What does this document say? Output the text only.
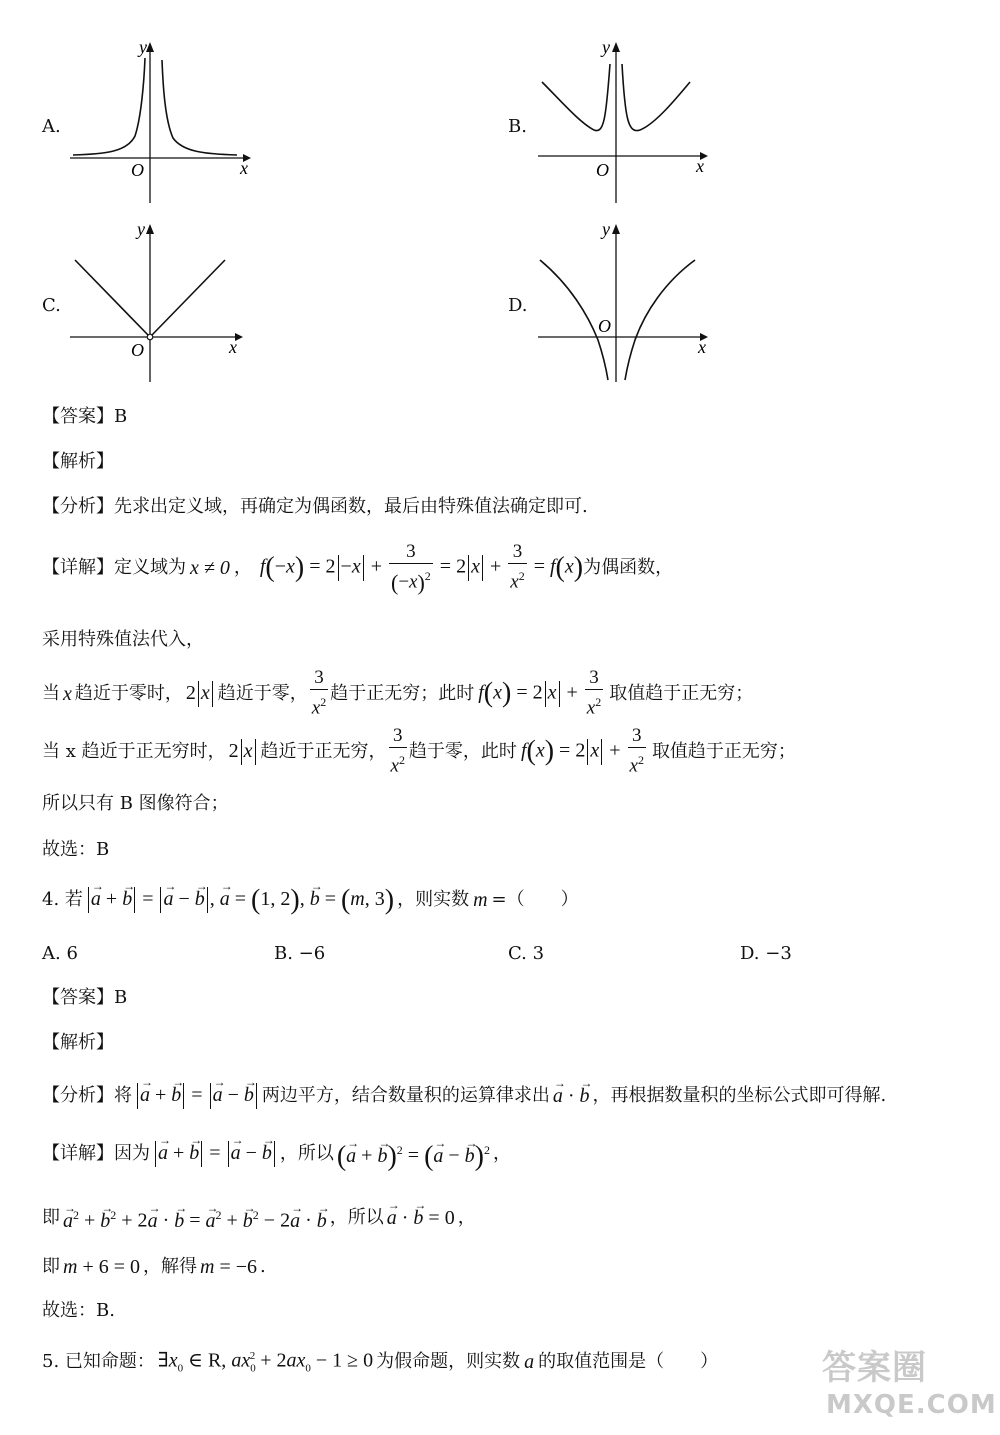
A.
x
y
O
B.
x
y
O
C.
x
y
O
D.
x
y
O
【答案】B
【解析】
【分析】先求出定义域，再确定为偶函数，最后由特殊值法确定即可.
【详解】 定义域为 x ≠ 0 ， $f(-x) = 2 -x + \frac{3}{(-x)^2} = 2$ $x + \frac{3}{x^2} = f(x)$ 为偶函数，
采用特殊值法代入，
当 x 趋近于零时， 2 x 趋近于零， $\frac{3}{x^2}$ 趋于正无穷；此时 f(x) = 2 $x + \frac{3}{x^2}$ 取值趋于正无穷；
当 x 趋近于正无穷时， 2 x 趋近于正无穷， $\frac{3}{x^2}$ 趋于零，此时 f(x) = 2 $x + \frac{3}{x^2}$ 取值趋于正无穷；
所以只有 B 图像符合；
故选：B
4. 若 → a + → b = → a − → b , → a = (1, 2), → b = (m, 3) ，则实数 m =（　　）
A. 6	B. −6	C. 3	D. −3
【答案】B
【解析】
【分析】 将 → a + → b = → a − → b 两边平方，结合数量积的运算律求出 → a · → b ，再根据数量积的坐标公式即可得解.
【详解】 因为 → a + → b = → a − → b ，所以 (→ a + → b)$^2$ = (→ a − → b)$^2$ ，
即 → $a^2$ + → $b^2 + 2\to a$ · → b = → $a^2$ + → $b^2 - 2\to a$ · → b ，所以 → a · → b = 0 ，
即 m + 6 = 0 ，解得 m = −6 .
故选：B.
5. 已知命题： $\exists x_0$ ∈ R, $ax_0^2 + 2ax_0 - 1 \ge 0$ 为假命题，则实数 a 的取值范围是（　　）	答案圈
MXQE.COM
